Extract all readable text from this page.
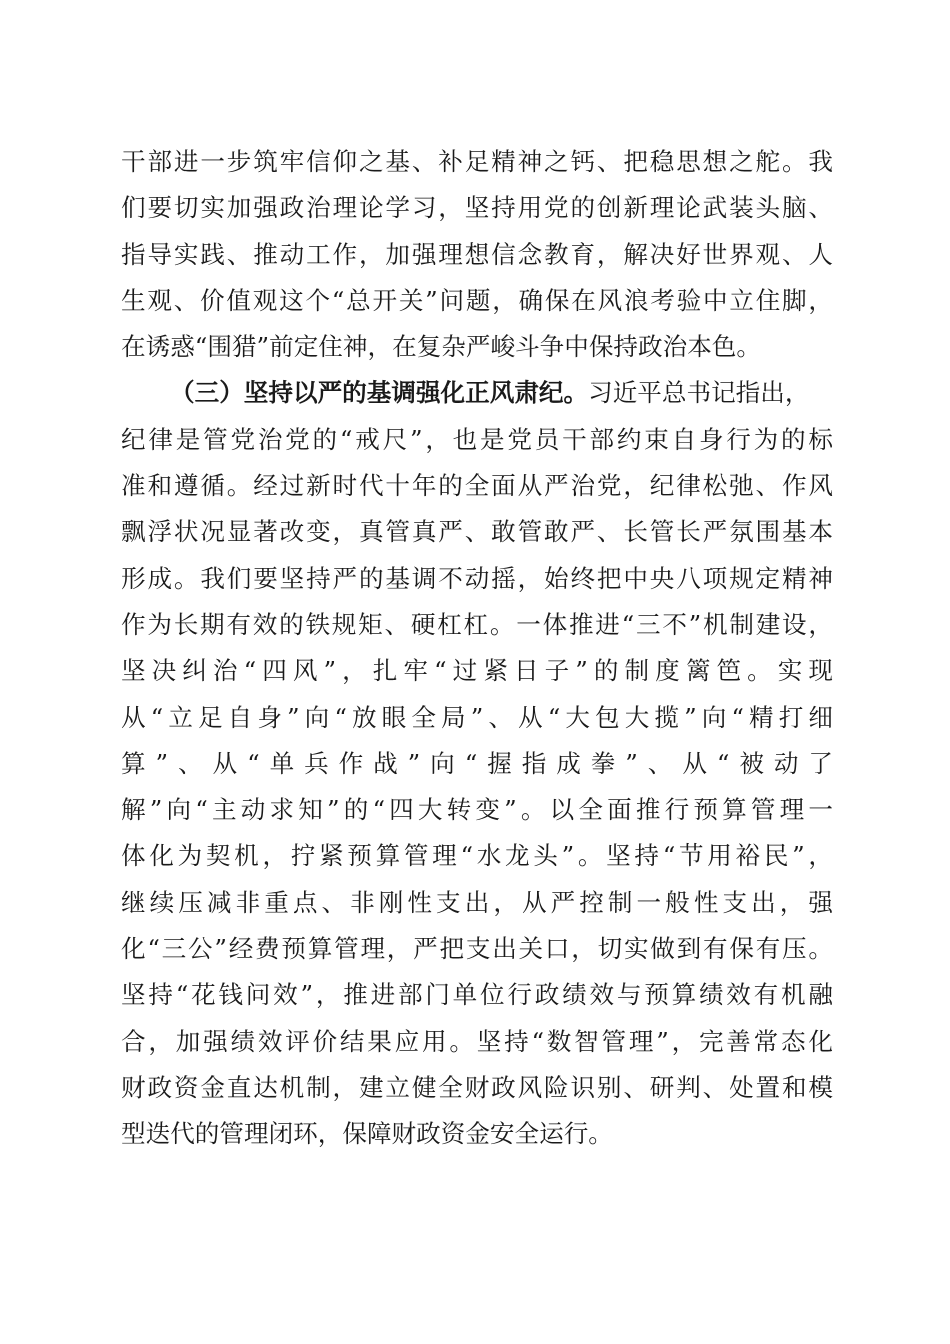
干部进一步筑牢信仰之基、补足精神之钙、把稳思想之舵。我
们要切实加强政治理论学习，坚持用党的创新理论武装头脑、
指导实践、推动工作，加强理想信念教育，解决好世界观、人
生观、价值观这个“总开关”问题，确保在风浪考验中立住脚，
在诱惑“围猎”前定住神，在复杂严峻斗争中保持政治本色。
（三）坚持以严的基调强化正风肃纪。习近平总书记指出，
纪律是管党治党的“戒尺”，也是党员干部约束自身行为的标
准和遵循。经过新时代十年的全面从严治党，纪律松弛、作风
飘浮状况显著改变，真管真严、敢管敢严、长管长严氛围基本
形成。我们要坚持严的基调不动摇，始终把中央八项规定精神
作为长期有效的铁规矩、硬杠杠。一体推进“三不”机制建设，
坚决纠治“四风”，扎牢“过紧日子”的制度篱笆。实现
从“立足自身”向“放眼全局”、从“大包大揽”向“精打细
算”、从“单兵作战”向“握指成拳”、从“被动了
解”向“主动求知”的“四大转变”。以全面推行预算管理一
体化为契机，拧紧预算管理“水龙头”。坚持“节用裕民”，
继续压减非重点、非刚性支出，从严控制一般性支出，强
化“三公”经费预算管理，严把支出关口，切实做到有保有压。
坚持“花钱问效”，推进部门单位行政绩效与预算绩效有机融
合，加强绩效评价结果应用。坚持“数智管理”，完善常态化
财政资金直达机制，建立健全财政风险识别、研判、处置和模
型迭代的管理闭环，保障财政资金安全运行。
